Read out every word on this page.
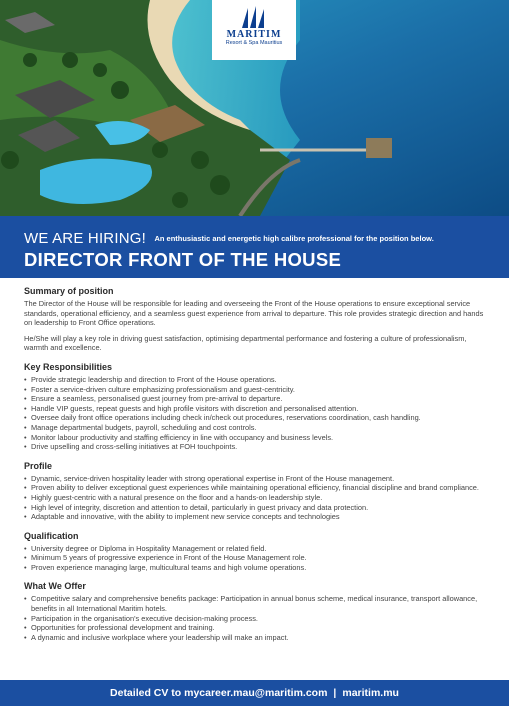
MARITIM
Resort & Spa Mauritius
WE ARE HIRING! An enthusiastic and energetic high calibre professional for the position below.
DIRECTOR FRONT OF THE HOUSE
Summary of position

The Director of the House will be responsible for leading and overseeing the Front of the House operations to ensure exceptional service standards, operational efficiency, and a seamless guest experience from arrival to departure. This role provides strategic direction and hands on leadership to Front Office operations.

He/She will play a key role in driving guest satisfaction, optimising departmental performance and fostering a culture of professionalism, warmth and excellence.

Key Responsibilities
• Provide strategic leadership and direction to Front of the House operations.
• Foster a service-driven culture emphasizing professionalism and guest-centricity.
• Ensure a seamless, personalised guest journey from pre-arrival to departure.
• Handle VIP guests, repeat guests and high profile visitors with discretion and personalised attention.
• Oversee daily front office operations including check in/check out procedures, reservations coordination, cash handling.
• Manage departmental budgets, payroll, scheduling and cost controls.
• Monitor labour productivity and staffing efficiency in line with occupancy and business levels.
• Drive upselling and cross-selling initiatives at FOH touchpoints.
Profile
• Dynamic, service-driven hospitality leader with strong operational expertise in Front of the House management.
• Proven ability to deliver exceptional guest experiences while maintaining operational efficiency, financial discipline and brand compliance.
• Highly guest-centric with a natural presence on the floor and a hands-on leadership style.
• High level of integrity, discretion and attention to detail, particularly in guest privacy and data protection.
• Adaptable and innovative, with the ability to implement new service concepts and technologies
Qualification
• University degree or Diploma in Hospitality Management or related field.
• Minimum 5 years of progressive experience in Front of the House Management role.
• Proven experience managing large, multicultural teams and high volume operations.
What We Offer
• Competitive salary and comprehensive benefits package: Participation in annual bonus scheme, medical insurance, transport allowance, benefits in all International Maritim hotels.
• Participation in the organisation's executive decision-making process.
• Opportunities for professional development and training.
• A dynamic and inclusive workplace where your leadership will make an impact.
Detailed CV to mycareer.mau@maritim.com | maritim.mu
